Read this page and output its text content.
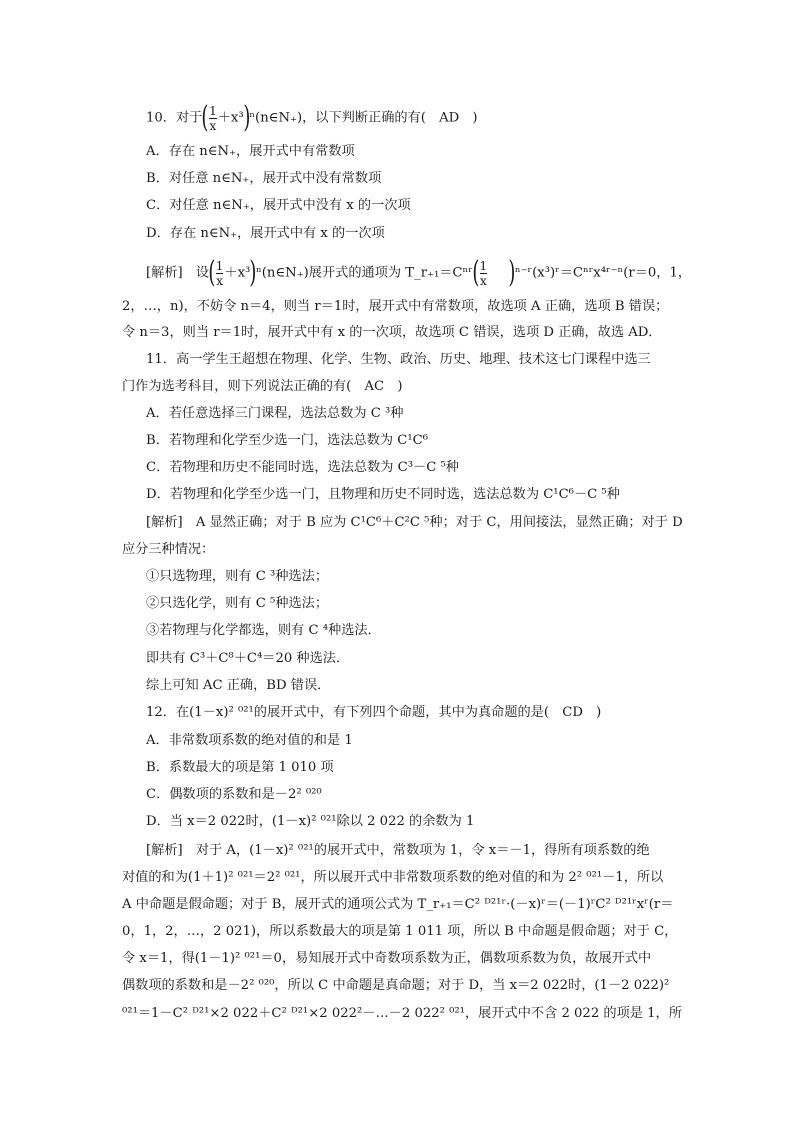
10．对于( $\frac{1}{x}$ ＋x³)ⁿ(n∈N₊)，以下判断正确的有(　AD　)
A．存在 n∈N₊，展开式中有常数项
B．对任意 n∈N₊，展开式中没有常数项
C．对任意 n∈N₊，展开式中没有 x 的一次项
D．存在 n∈N₊，展开式中有 x 的一次项
[解析]　设( $\frac{1}{x}$ ＋x³)ⁿ(n∈N₊)展开式的通项为 T_r₊₁＝Cⁿʳ( $\frac{1}{x}$ )ⁿ⁻ʳ(x³)ʳ＝Cⁿʳx⁴ʳ⁻ⁿ(r＝0，1，
2，…，n)，不妨令 n＝4，则当 r＝1时，展开式中有常数项，故选项 A 正确，选项 B 错误；
令 n＝3，则当 r＝1时，展开式中有 x 的一次项，故选项 C 错误，选项 D 正确，故选 AD．
11．高一学生王超想在物理、化学、生物、政治、历史、地理、技术这七门课程中选三
门作为选考科目，则下列说法正确的有(　AC　)
A．若任意选择三门课程，选法总数为 C ³种
B．若物理和化学至少选一门，选法总数为 C¹C⁶
C．若物理和历史不能同时选，选法总数为 C³－C ⁵种
D．若物理和化学至少选一门，且物理和历史不同时选，选法总数为 C¹C⁶－C ⁵种
[解析]　A 显然正确；对于 B 应为 C¹C⁶＋C²C ⁵种；对于 C，用间接法，显然正确；对于 D
应分三种情况：
①只选物理，则有 C ³种选法；
②只选化学，则有 C ⁵种选法；
③若物理与化学都选，则有 C ⁴种选法．
即共有 C³＋C⁸＋C⁴＝20 种选法．
综上可知 AC 正确，BD 错误．
12．在(1－x)² ⁰²¹的展开式中，有下列四个命题，其中为真命题的是(　CD　)
A．非常数项系数的绝对值的和是 1
B．系数最大的项是第 1 010 项
C．偶数项的系数和是－2² ⁰²⁰
D．当 x＝2 022时，(1－x)² ⁰²¹除以 2 022 的余数为 1
[解析]　对于 A，(1－x)² ⁰²¹的展开式中，常数项为 1，令 x＝－1，得所有项系数的绝
对值的和为(1＋1)² ⁰²¹＝2² ⁰²¹，所以展开式中非常数项系数的绝对值的和为 2² ⁰²¹－1，所以
A 中命题是假命题；对于 B，展开式的通项公式为 T_r₊₁＝C² ᴰ²¹ʳ·(－x)ʳ＝(－1)ʳC² ᴰ²¹ʳxʳ(r＝
0，1，2，…，2 021)，所以系数最大的项是第 1 011 项，所以 B 中命题是假命题；对于 C，
令 x＝1，得(1－1)² ⁰²¹＝0，易知展开式中奇数项系数为正，偶数项系数为负，故展开式中
偶数项的系数和是－2² ⁰²⁰，所以 C 中命题是真命题；对于 D，当 x＝2 022时，(1－2 022)²
⁰²¹＝1－C² ᴰ²¹×2 022＋C² ᴰ²¹×2 022²－…－2 022² ⁰²¹，展开式中不含 2 022 的项是 1，所
